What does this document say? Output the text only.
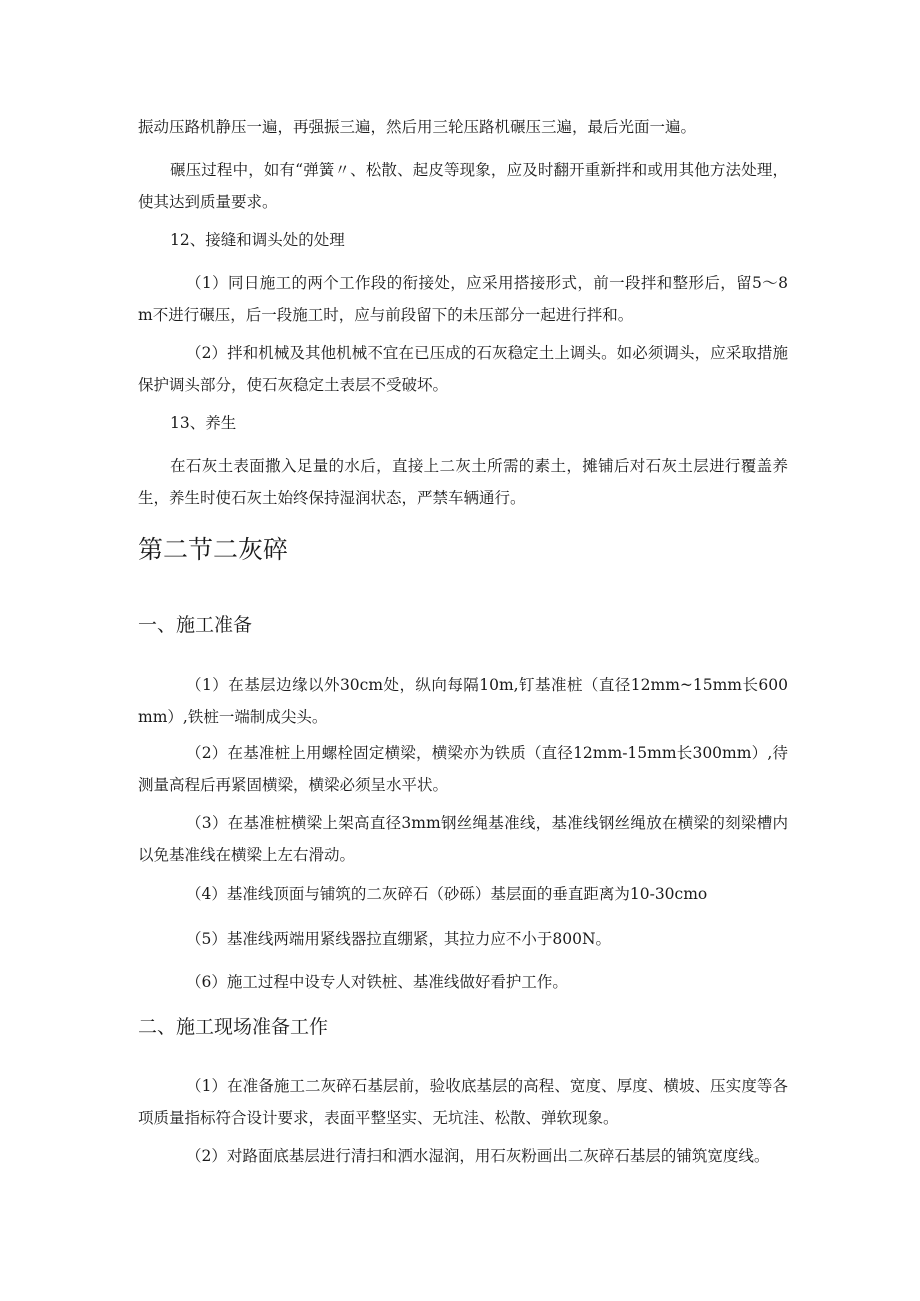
振动压路机静压一遍，再强振三遍，然后用三轮压路机碾压三遍，最后光面一遍。

碾压过程中，如有“弹簧〃、松散、起皮等现象，应及时翻开重新拌和或用其他方法处理，使其达到质量要求。

12、接缝和调头处的处理

（1）同日施工的两个工作段的衔接处，应采用搭接形式，前一段拌和整形后，留5〜8m不进行碾压，后一段施工时，应与前段留下的未压部分一起进行拌和。

（2）拌和机械及其他机械不宜在已压成的石灰稳定土上调头。如必须调头，应采取措施保护调头部分，使石灰稳定土表层不受破坏。

13、养生

在石灰土表面撒入足量的水后，直接上二灰土所需的素土，摊铺后对石灰土层进行覆盖养生，养生时使石灰土始终保持湿润状态，严禁车辆通行。

第二节二灰碎
一、施工准备

（1）在基层边缘以外30cm处，纵向每隔10m,钉基准桩（直径12mm~15mm长600mm）,铁桩一端制成尖头。

（2）在基准桩上用螺栓固定横梁，横梁亦为铁质（直径12mm-15mm长300mm）,待测量高程后再紧固横梁，横梁必须呈水平状。

（3）在基准桩横梁上架高直径3mm钢丝绳基准线，基准线钢丝绳放在横梁的刻梁槽内以免基准线在横梁上左右滑动。

（4）基准线顶面与铺筑的二灰碎石（砂砾）基层面的垂直距离为10-30cmo

（5）基准线两端用紧线器拉直绷紧，其拉力应不小于800N。

（6）施工过程中设专人对铁桩、基准线做好看护工作。

二、施工现场准备工作

（1）在准备施工二灰碎石基层前，验收底基层的高程、宽度、厚度、横坡、压实度等各项质量指标符合设计要求，表面平整坚实、无坑洼、松散、弹软现象。

（2）对路面底基层进行清扫和洒水湿润，用石灰粉画出二灰碎石基层的铺筑宽度线。
